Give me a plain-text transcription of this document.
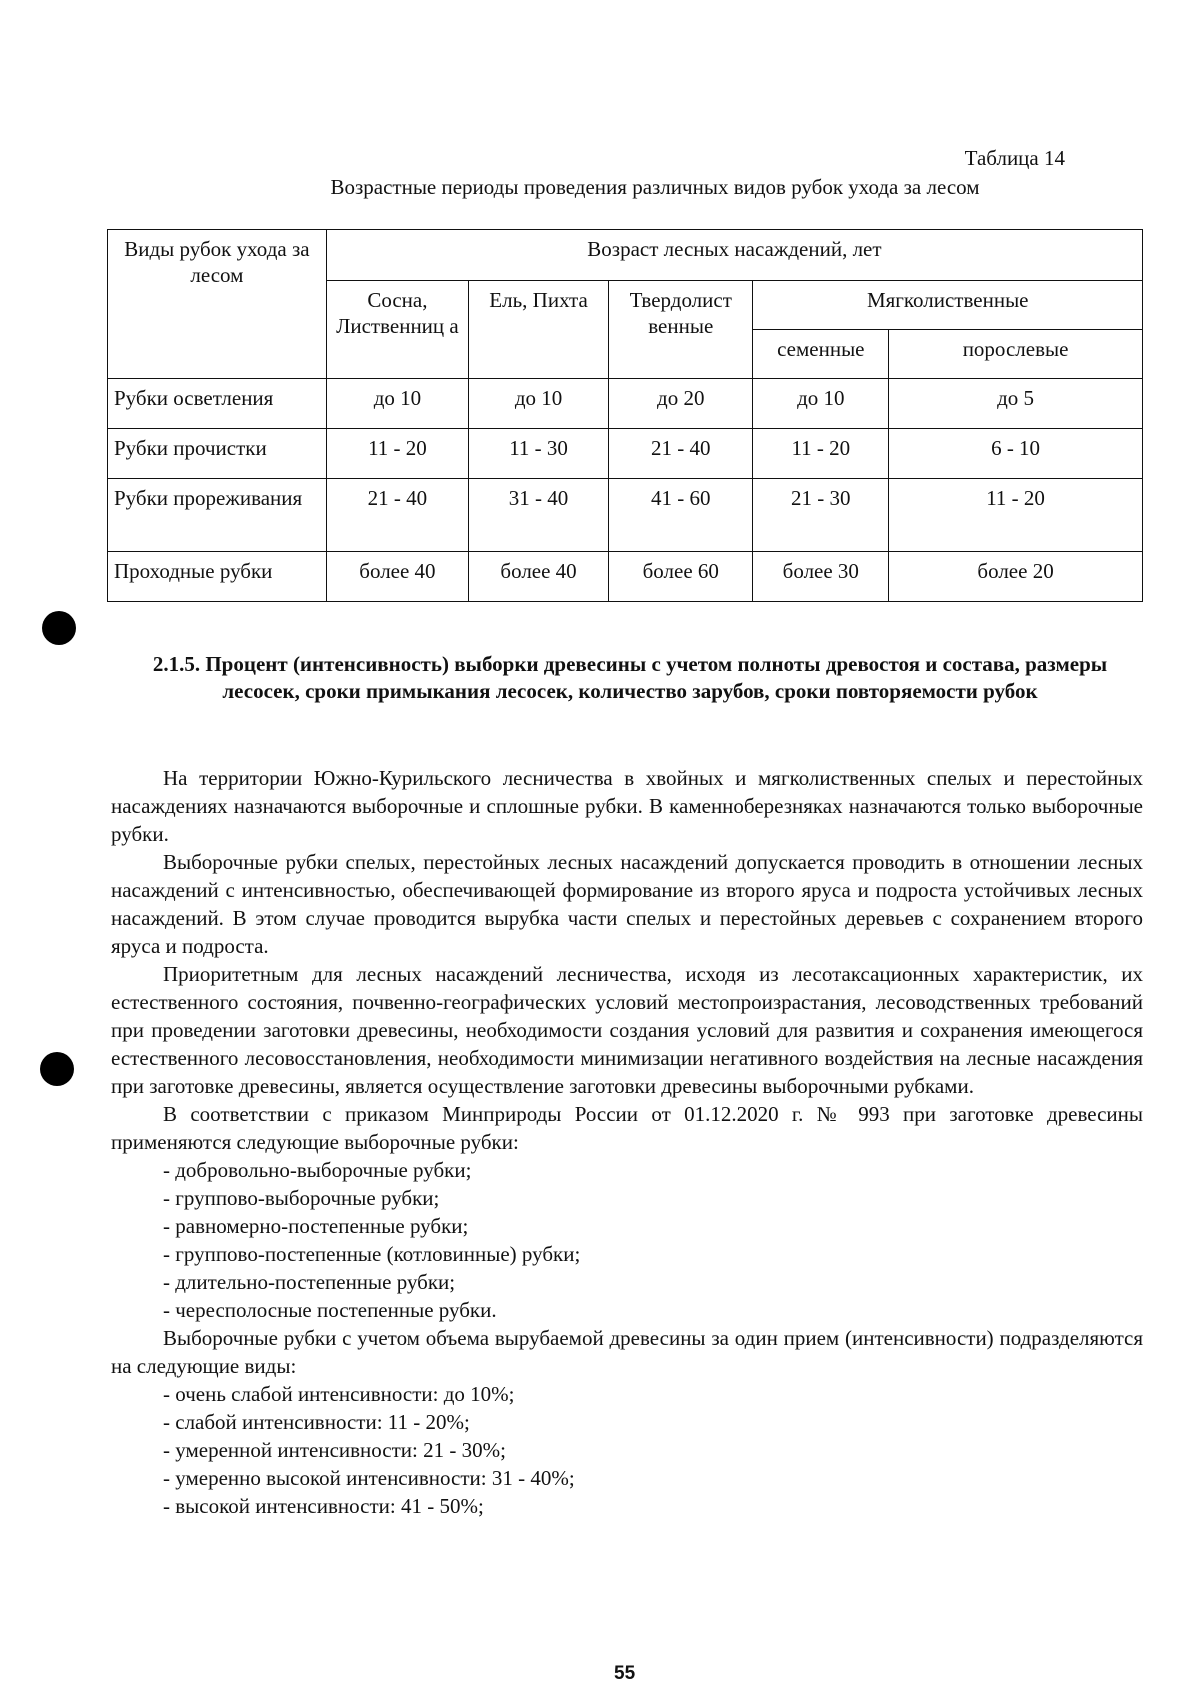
Таблица 14
Возрастные периоды проведения различных видов рубок ухода за лесом
Виды рубок ухода за лесом	Возраст лесных насаждений, лет				
	Сосна, Лиственниц а	Ель, Пихта	Твердолист венные	Мягколиственные	
				семенные	порослевые
Рубки осветления	до 10	до 10	до 20	до 10	до 5
Рубки прочистки	11 - 20	11 - 30	21 - 40	11 - 20	6 - 10
Рубки прореживания	21 - 40	31 - 40	41 - 60	21 - 30	11 - 20
Проходные рубки	более 40	более 40	более 60	более 30	более 20
2.1.5. Процент (интенсивность) выборки древесины с учетом полноты древостоя и состава, размеры лесосек, сроки примыкания лесосек, количество зарубов, сроки повторяемости рубок

На территории Южно-Курильского лесничества в хвойных и мягколиственных спелых и перестойных насаждениях назначаются выборочные и сплошные рубки. В каменноберезняках назначаются только выборочные рубки.

Выборочные рубки спелых, перестойных лесных насаждений допускается проводить в отношении лесных насаждений с интенсивностью, обеспечивающей формирование из второго яруса и подроста устойчивых лесных насаждений. В этом случае проводится вырубка части спелых и перестойных деревьев с сохранением второго яруса и подроста.

Приоритетным для лесных насаждений лесничества, исходя из лесотаксационных характеристик, их естественного состояния, почвенно-географических условий местопроизрастания, лесоводственных требований при проведении заготовки древесины, необходимости создания условий для развития и сохранения имеющегося естественного лесовосстановления, необходимости минимизации негативного воздействия на лесные насаждения при заготовке древесины, является осуществление заготовки древесины выборочными рубками.

В соответствии с приказом Минприроды России от 01.12.2020 г. № 993 при заготовке древесины применяются следующие выборочные рубки:

- добровольно-выборочные рубки;
- группово-выборочные рубки;
- равномерно-постепенные рубки;
- группово-постепенные (котловинные) рубки;
- длительно-постепенные рубки;
- чересполосные постепенные рубки.

Выборочные рубки с учетом объема вырубаемой древесины за один прием (интенсивности) подразделяются на следующие виды:

- очень слабой интенсивности: до 10%;
- слабой интенсивности: 11 - 20%;
- умеренной интенсивности: 21 - 30%;
- умеренно высокой интенсивности: 31 - 40%;
- высокой интенсивности: 41 - 50%;
55
